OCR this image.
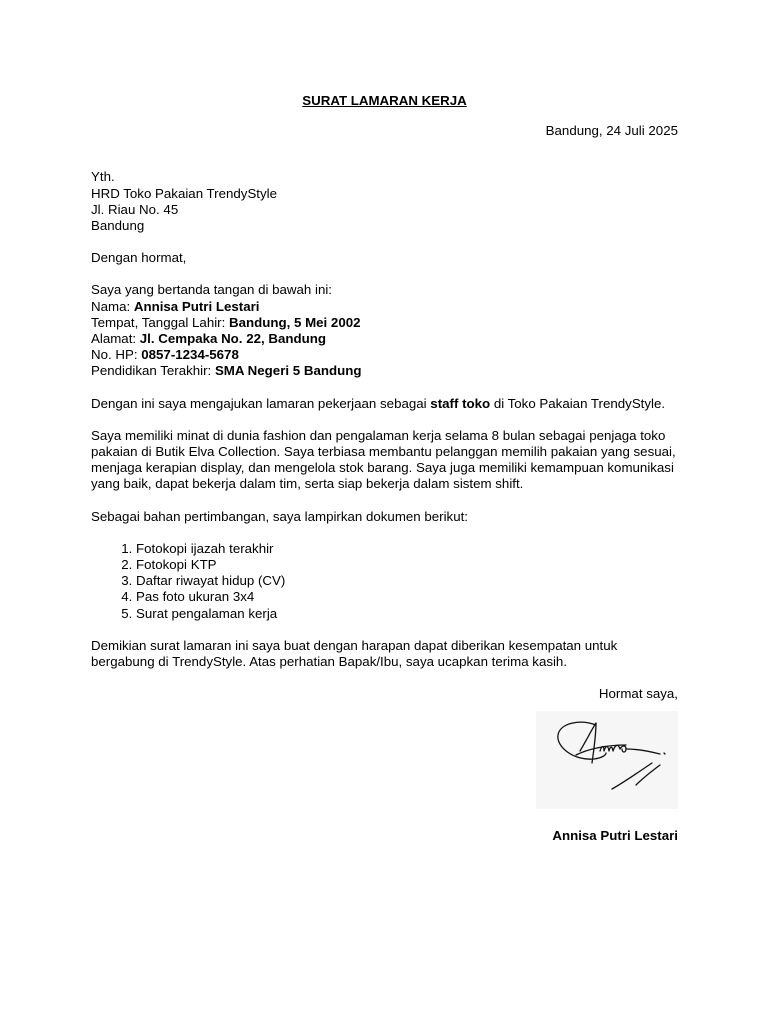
SURAT LAMARAN KERJA
Bandung, 24 Juli 2025
Yth.
HRD Toko Pakaian TrendyStyle
Jl. Riau No. 45
Bandung
Dengan hormat,
Saya yang bertanda tangan di bawah ini:
Nama: Annisa Putri Lestari
Tempat, Tanggal Lahir: Bandung, 5 Mei 2002
Alamat: Jl. Cempaka No. 22, Bandung
No. HP: 0857-1234-5678
Pendidikan Terakhir: SMA Negeri 5 Bandung
Dengan ini saya mengajukan lamaran pekerjaan sebagai staff toko di Toko Pakaian TrendyStyle.
Saya memiliki minat di dunia fashion dan pengalaman kerja selama 8 bulan sebagai penjaga toko pakaian di Butik Elva Collection. Saya terbiasa membantu pelanggan memilih pakaian yang sesuai, menjaga kerapian display, dan mengelola stok barang. Saya juga memiliki kemampuan komunikasi yang baik, dapat bekerja dalam tim, serta siap bekerja dalam sistem shift.
Sebagai bahan pertimbangan, saya lampirkan dokumen berikut:
1. Fotokopi ijazah terakhir
2. Fotokopi KTP
3. Daftar riwayat hidup (CV)
4. Pas foto ukuran 3x4
5. Surat pengalaman kerja
Demikian surat lamaran ini saya buat dengan harapan dapat diberikan kesempatan untuk bergabung di TrendyStyle. Atas perhatian Bapak/Ibu, saya ucapkan terima kasih.
Hormat saya,
Annisa Putri Lestari
